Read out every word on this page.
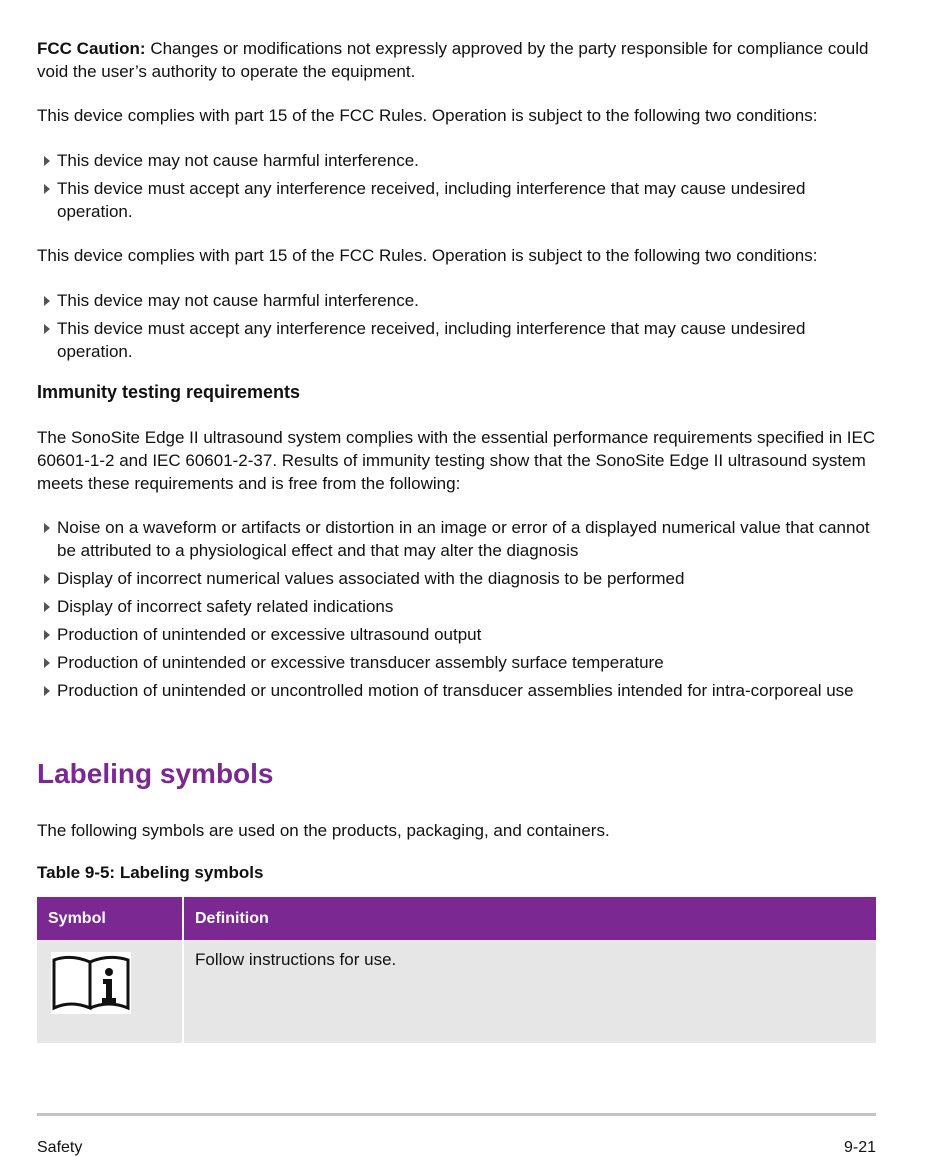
FCC Caution: Changes or modifications not expressly approved by the party responsible for compliance could void the user’s authority to operate the equipment.

This device complies with part 15 of the FCC Rules. Operation is subject to the following two conditions:

This device may not cause harmful interference.
This device must accept any interference received, including interference that may cause undesired operation.

This device complies with part 15 of the FCC Rules. Operation is subject to the following two conditions:

This device may not cause harmful interference.
This device must accept any interference received, including interference that may cause undesired operation.

Immunity testing requirements

The SonoSite Edge II ultrasound system complies with the essential performance requirements specified in IEC 60601-1-2 and IEC 60601-2-37. Results of immunity testing show that the SonoSite Edge II ultrasound system meets these requirements and is free from the following:

Noise on a waveform or artifacts or distortion in an image or error of a displayed numerical value that cannot be attributed to a physiological effect and that may alter the diagnosis
Display of incorrect numerical values associated with the diagnosis to be performed
Display of incorrect safety related indications
Production of unintended or excessive ultrasound output
Production of unintended or excessive transducer assembly surface temperature
Production of unintended or uncontrolled motion of transducer assemblies intended for intra-corporeal use
Labeling symbols

The following symbols are used on the products, packaging, and containers.

Table 9-5: Labeling symbols

Symbol	Definition
	Follow instructions for use.
Safety	9-21
